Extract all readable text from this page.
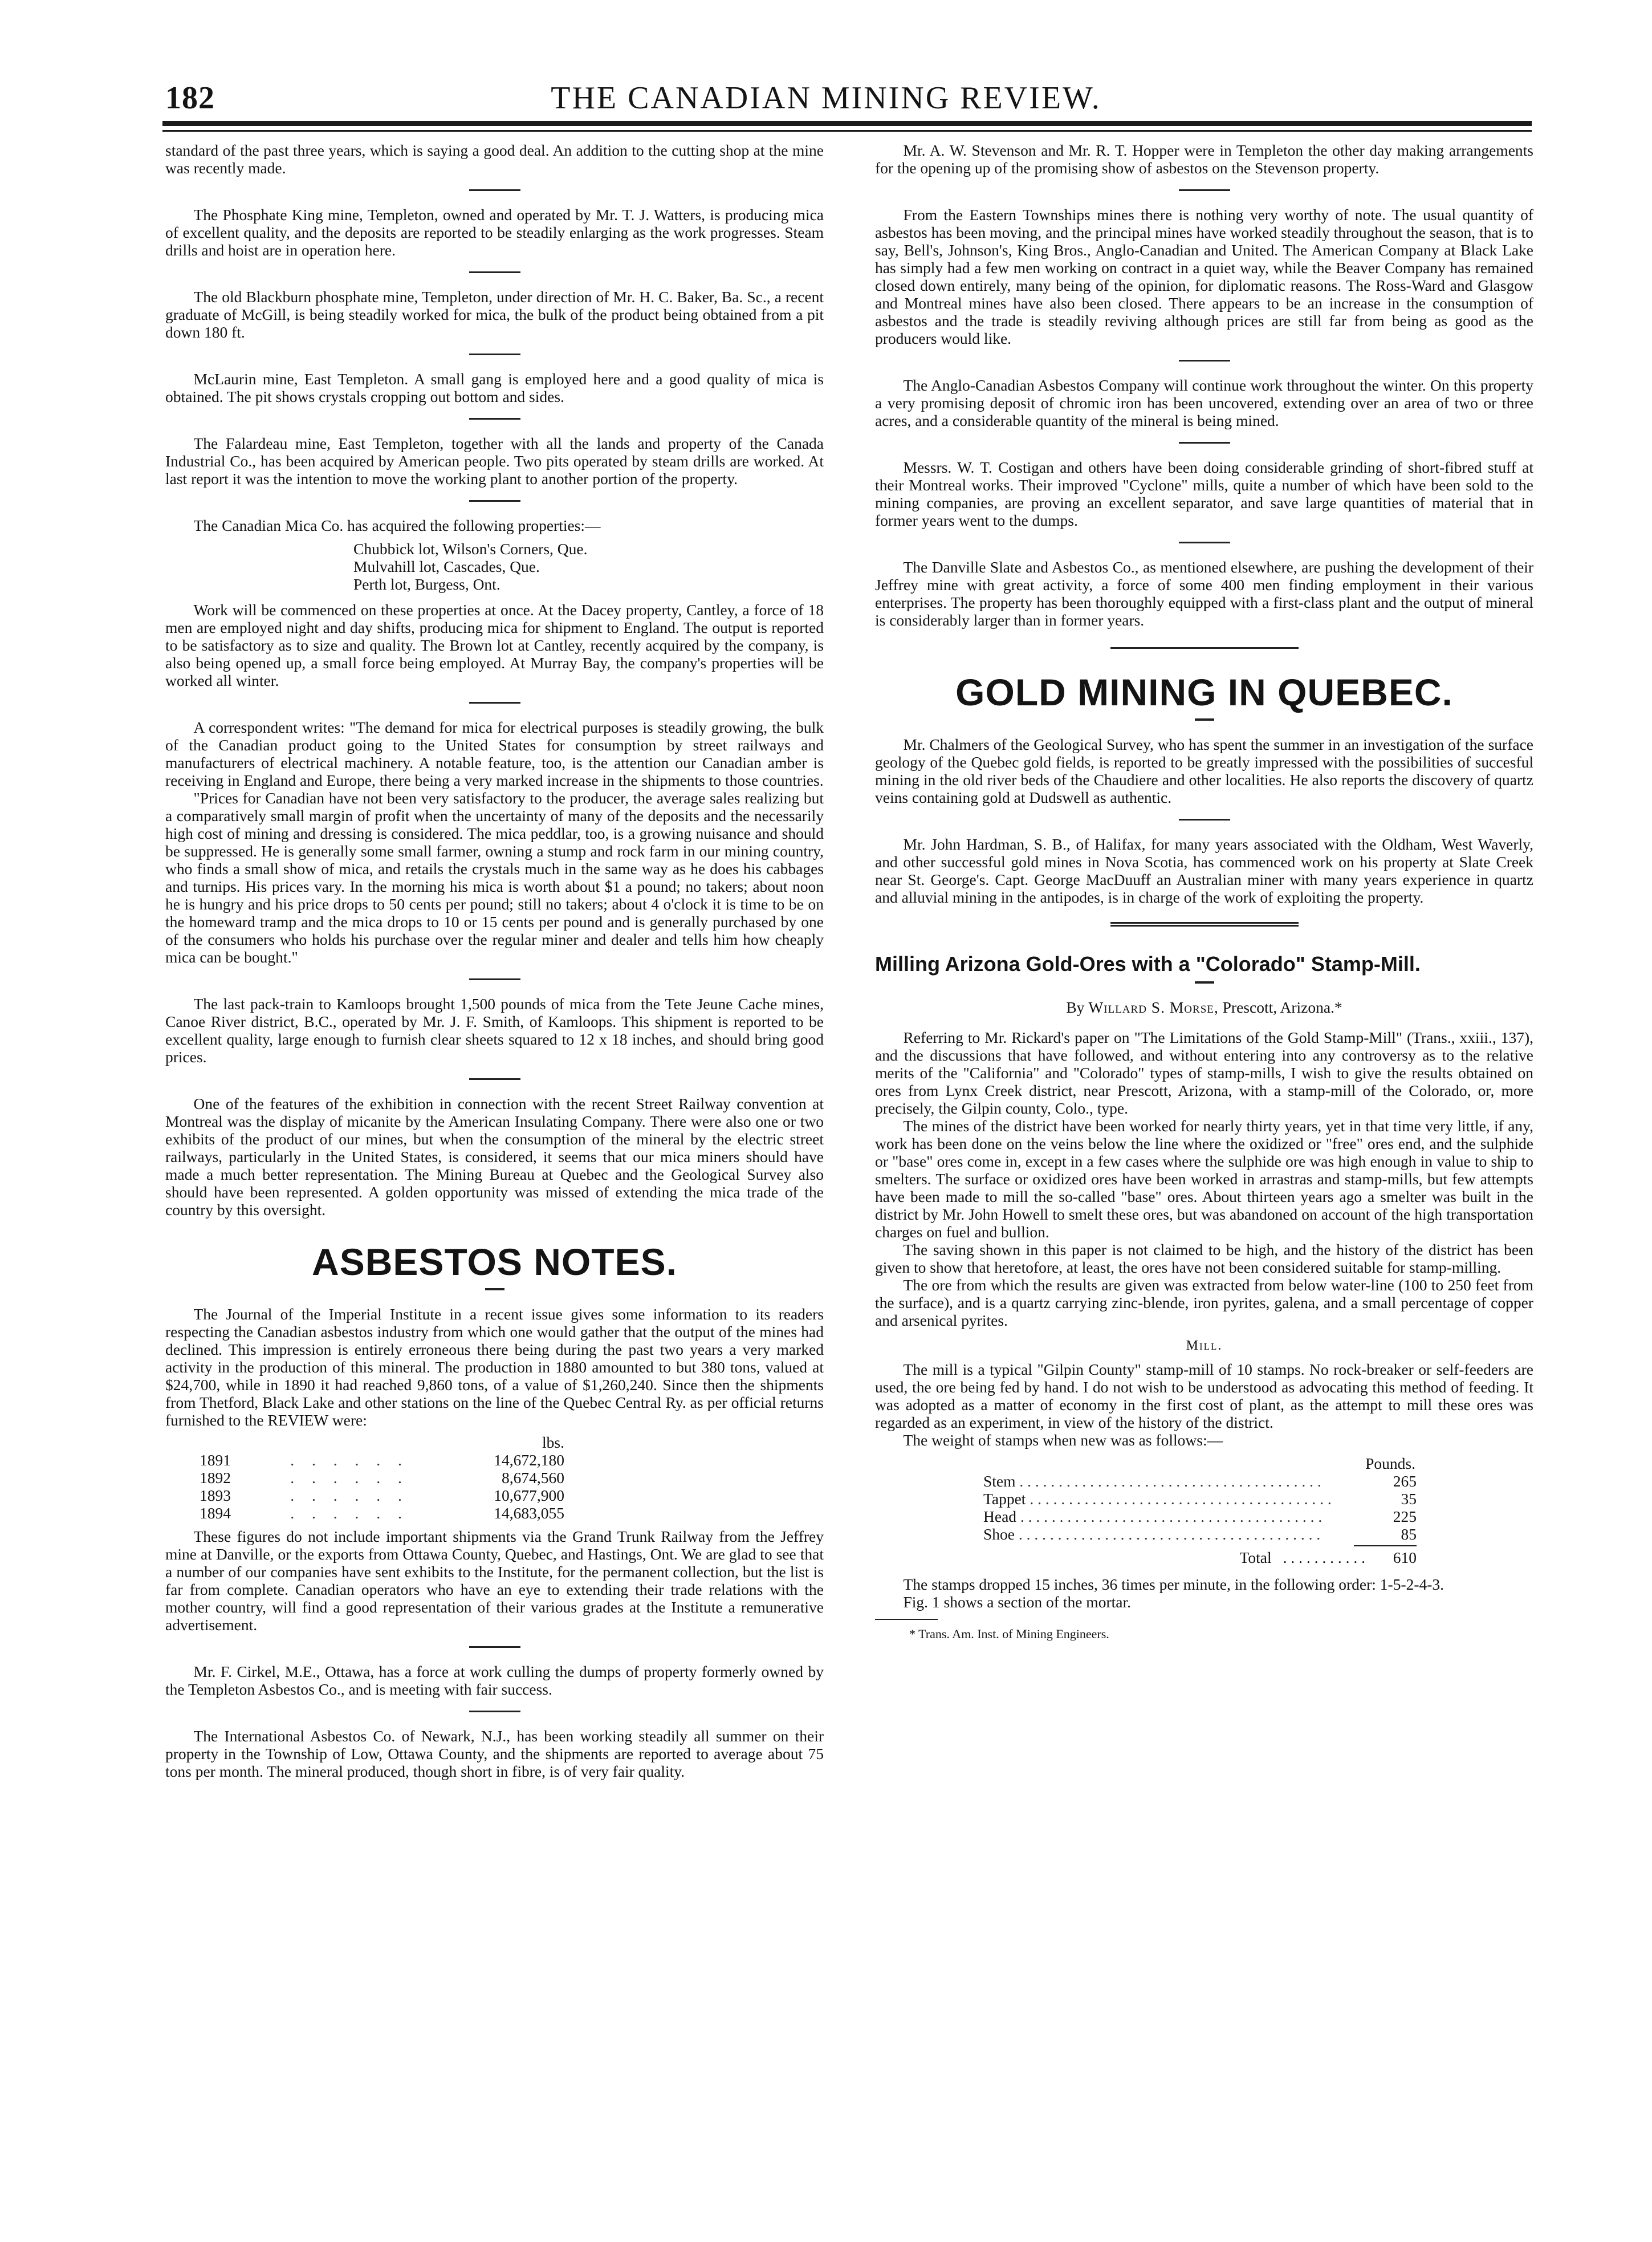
182	THE CANADIAN MINING REVIEW.

standard of the past three years, which is saying a good deal. An addition to the cutting shop at the mine was recently made.

The Phosphate King mine, Templeton, owned and operated by Mr. T. J. Watters, is producing mica of excellent quality, and the deposits are reported to be steadily enlarging as the work progresses. Steam drills and hoist are in operation here.

The old Blackburn phosphate mine, Templeton, under direction of Mr. H. C. Baker, Ba. Sc., a recent graduate of McGill, is being steadily worked for mica, the bulk of the product being obtained from a pit down 180 ft.

McLaurin mine, East Templeton. A small gang is employed here and a good quality of mica is obtained. The pit shows crystals cropping out bottom and sides.

The Falardeau mine, East Templeton, together with all the lands and property of the Canada Industrial Co., has been acquired by American people. Two pits operated by steam drills are worked. At last report it was the intention to move the working plant to another portion of the property.

The Canadian Mica Co. has acquired the following properties:—

Chubbick lot, Wilson's Corners, Que.
Mulvahill lot, Cascades, Que.
Perth lot, Burgess, Ont.

Work will be commenced on these properties at once. At the Dacey property, Cantley, a force of 18 men are employed night and day shifts, producing mica for shipment to England. The output is reported to be satisfactory as to size and quality. The Brown lot at Cantley, recently acquired by the company, is also being opened up, a small force being employed. At Murray Bay, the company's properties will be worked all winter.

A correspondent writes: "The demand for mica for electrical purposes is steadily growing, the bulk of the Canadian product going to the United States for consumption by street railways and manufacturers of electrical machinery. A notable feature, too, is the attention our Canadian amber is receiving in England and Europe, there being a very marked increase in the shipments to those countries.

"Prices for Canadian have not been very satisfactory to the producer, the average sales realizing but a comparatively small margin of profit when the uncertainty of many of the deposits and the necessarily high cost of mining and dressing is considered. The mica peddlar, too, is a growing nuisance and should be suppressed. He is generally some small farmer, owning a stump and rock farm in our mining country, who finds a small show of mica, and retails the crystals much in the same way as he does his cabbages and turnips. His prices vary. In the morning his mica is worth about $1 a pound; no takers; about noon he is hungry and his price drops to 50 cents per pound; still no takers; about 4 o'clock it is time to be on the homeward tramp and the mica drops to 10 or 15 cents per pound and is generally purchased by one of the consumers who holds his purchase over the regular miner and dealer and tells him how cheaply mica can be bought."

The last pack-train to Kamloops brought 1,500 pounds of mica from the Tete Jeune Cache mines, Canoe River district, B.C., operated by Mr. J. F. Smith, of Kamloops. This shipment is reported to be excellent quality, large enough to furnish clear sheets squared to 12 x 18 inches, and should bring good prices.

One of the features of the exhibition in connection with the recent Street Railway convention at Montreal was the display of micanite by the American Insulating Company. There were also one or two exhibits of the product of our mines, but when the consumption of the mineral by the electric street railways, particularly in the United States, is considered, it seems that our mica miners should have made a much better representation. The Mining Bureau at Quebec and the Geological Survey also should have been represented. A golden opportunity was missed of extending the mica trade of the country by this oversight.

ASBESTOS NOTES.

The Journal of the Imperial Institute in a recent issue gives some information to its readers respecting the Canadian asbestos industry from which one would gather that the output of the mines had declined. This impression is entirely erroneous there being during the past two years a very marked activity in the production of this mineral. The production in 1880 amounted to but 380 tons, valued at $24,700, while in 1890 it had reached 9,860 tons, of a value of $1,260,240. Since then the shipments from Thetford, Black Lake and other stations on the line of the Quebec Central Ry. as per official returns furnished to the REVIEW were:

		lbs.
1891	. . . . . .	14,672,180
1892	. . . . . .	8,674,560
1893	. . . . . .	10,677,900
1894	. . . . . .	14,683,055

These figures do not include important shipments via the Grand Trunk Railway from the Jeffrey mine at Danville, or the exports from Ottawa County, Quebec, and Hastings, Ont. We are glad to see that a number of our companies have sent exhibits to the Institute, for the permanent collection, but the list is far from complete. Canadian operators who have an eye to extending their trade relations with the mother country, will find a good representation of their various grades at the Institute a remunerative advertisement.

Mr. F. Cirkel, M.E., Ottawa, has a force at work culling the dumps of property formerly owned by the Templeton Asbestos Co., and is meeting with fair success.

The International Asbestos Co. of Newark, N.J., has been working steadily all summer on their property in the Township of Low, Ottawa County, and the shipments are reported to average about 75 tons per month. The mineral produced, though short in fibre, is of very fair quality.

Mr. A. W. Stevenson and Mr. R. T. Hopper were in Templeton the other day making arrangements for the opening up of the promising show of asbestos on the Stevenson property.

From the Eastern Townships mines there is nothing very worthy of note. The usual quantity of asbestos has been moving, and the principal mines have worked steadily throughout the season, that is to say, Bell's, Johnson's, King Bros., Anglo-Canadian and United. The American Company at Black Lake has simply had a few men working on contract in a quiet way, while the Beaver Company has remained closed down entirely, many being of the opinion, for diplomatic reasons. The Ross-Ward and Glasgow and Montreal mines have also been closed. There appears to be an increase in the consumption of asbestos and the trade is steadily reviving although prices are still far from being as good as the producers would like.

The Anglo-Canadian Asbestos Company will continue work throughout the winter. On this property a very promising deposit of chromic iron has been uncovered, extending over an area of two or three acres, and a considerable quantity of the mineral is being mined.

Messrs. W. T. Costigan and others have been doing considerable grinding of short-fibred stuff at their Montreal works. Their improved "Cyclone" mills, quite a number of which have been sold to the mining companies, are proving an excellent separator, and save large quantities of material that in former years went to the dumps.

The Danville Slate and Asbestos Co., as mentioned elsewhere, are pushing the development of their Jeffrey mine with great activity, a force of some 400 men finding employment in their various enterprises. The property has been thoroughly equipped with a first-class plant and the output of mineral is considerably larger than in former years.

GOLD MINING IN QUEBEC.

Mr. Chalmers of the Geological Survey, who has spent the summer in an investigation of the surface geology of the Quebec gold fields, is reported to be greatly impressed with the possibilities of succesful mining in the old river beds of the Chaudiere and other localities. He also reports the discovery of quartz veins containing gold at Dudswell as authentic.

Mr. John Hardman, S. B., of Halifax, for many years associated with the Oldham, West Waverly, and other successful gold mines in Nova Scotia, has commenced work on his property at Slate Creek near St. George's. Capt. George MacDuuff an Australian miner with many years experience in quartz and alluvial mining in the antipodes, is in charge of the work of exploiting the property.

Milling Arizona Gold-Ores with a "Colorado" Stamp-Mill.
By Willard S. Morse, Prescott, Arizona.*

Referring to Mr. Rickard's paper on "The Limitations of the Gold Stamp-Mill" (Trans., xxiii., 137), and the discussions that have followed, and without entering into any controversy as to the relative merits of the "California" and "Colorado" types of stamp-mills, I wish to give the results obtained on ores from Lynx Creek district, near Prescott, Arizona, with a stamp-mill of the Colorado, or, more precisely, the Gilpin county, Colo., type.

The mines of the district have been worked for nearly thirty years, yet in that time very little, if any, work has been done on the veins below the line where the oxidized or "free" ores end, and the sulphide or "base" ores come in, except in a few cases where the sulphide ore was high enough in value to ship to smelters. The surface or oxidized ores have been worked in arrastras and stamp-mills, but few attempts have been made to mill the so-called "base" ores. About thirteen years ago a smelter was built in the district by Mr. John Howell to smelt these ores, but was abandoned on account of the high transportation charges on fuel and bullion.

The saving shown in this paper is not claimed to be high, and the history of the district has been given to show that heretofore, at least, the ores have not been considered suitable for stamp-milling.

The ore from which the results are given was extracted from below water-line (100 to 250 feet from the surface), and is a quartz carrying zinc-blende, iron pyrites, galena, and a small percentage of copper and arsenical pyrites.

Mill.

The mill is a typical "Gilpin County" stamp-mill of 10 stamps. No rock-breaker or self-feeders are used, the ore being fed by hand. I do not wish to be understood as advocating this method of feeding. It was adopted as a matter of economy in the first cost of plant, as the attempt to mill these ores was regarded as an experiment, in view of the history of the district.

The weight of stamps when new was as follows:—

Pounds.
Stem . . .	265
Tappet . . .	35
Head . . .	225
Shoe . . .	85
Total . . . . . . . . . . .	610

The stamps dropped 15 inches, 36 times per minute, in the following order: 1-5-2-4-3.

Fig. 1 shows a section of the mortar.

* Trans. Am. Inst. of Mining Engineers.
